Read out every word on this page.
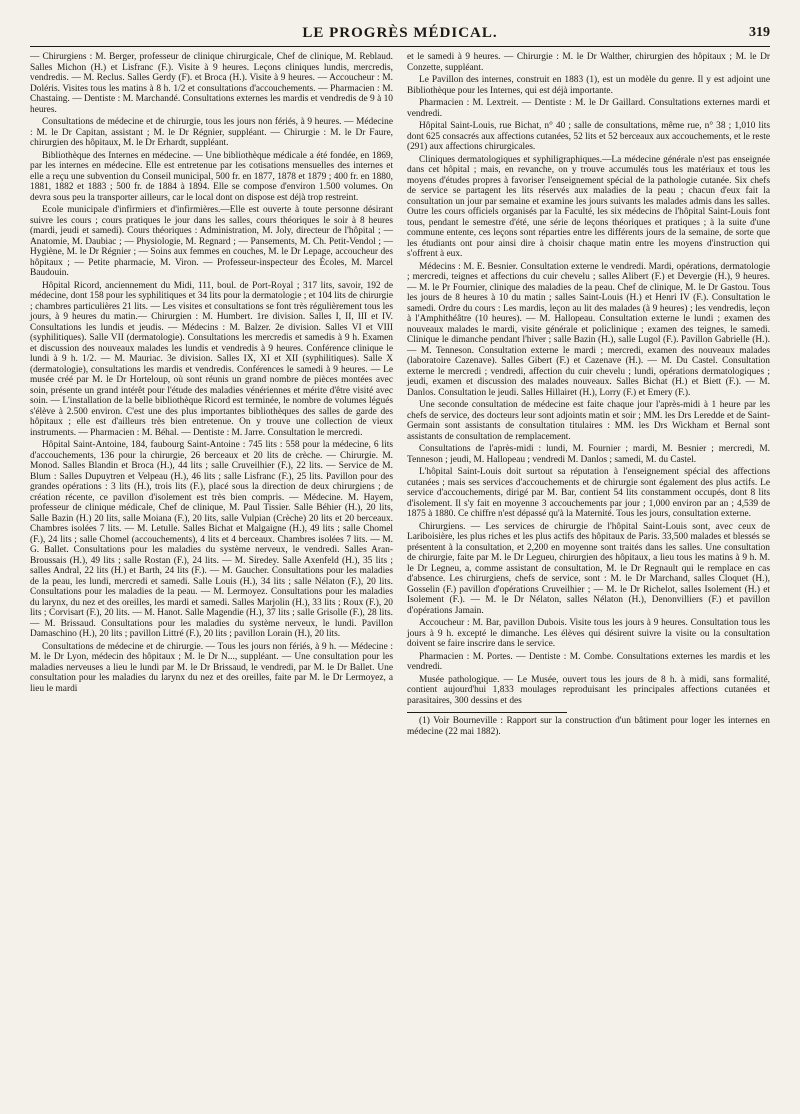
LE PROGRÈS MÉDICAL.	319

— Chirurgiens : M. Berger, professeur de clinique chirurgicale, Chef de clinique, M. Reblaud. Salles Michon (H.) et Lisfranc (F.). Visite à 9 heures. Leçons cliniques lundis, mercredis, vendredis. — M. Reclus. Salles Gerdy (F). et Broca (H.). Visite à 9 heures. — Accoucheur : M. Doléris. Visites tous les matins à 8 h. 1/2 et consultations d'accouchements. — Pharmacien : M. Chastaing. — Dentiste : M. Marchandé. Consultations externes les mardis et vendredis de 9 à 10 heures.

Consultations de médecine et de chirurgie, tous les jours non fériés, à 9 heures. — Médecine : M. le Dr Capitan, assistant ; M. le Dr Régnier, suppléant. — Chirurgie : M. le Dr Faure, chirurgien des hôpitaux, M. le Dr Erhardt, suppléant.

Bibliothèque des Internes en médecine. — Une bibliothèque médicale a été fondée, en 1869, par les internes en médecine. Elle est entretenue par les cotisations mensuelles des internes et elle a reçu une subvention du Conseil municipal, 500 fr. en 1877, 1878 et 1879 ; 400 fr. en 1880, 1881, 1882 et 1883 ; 500 fr. de 1884 à 1894. Elle se compose d'environ 1.500 volumes. On devra sous peu la transporter ailleurs, car le local dont on dispose est déjà trop restreint.

Ecole municipale d'infirmiers et d'infirmières.—Elle est ouverte à toute personne désirant suivre les cours ; cours pratiques le jour dans les salles, cours théoriques le soir à 8 heures (mardi, jeudi et samedi). Cours théoriques : Administration, M. Joly, directeur de l'hôpital ; — Anatomie, M. Daubiac ; — Physiologie, M. Regnard ; — Pansements, M. Ch. Petit-Vendol ; — Hygiène, M. le Dr Régnier ; — Soins aux femmes en couches, M. le Dr Lepage, accoucheur des hôpitaux ; — Petite pharmacie, M. Viron. — Professeur-inspecteur des Écoles, M. Marcel Baudouin.

Hôpital Ricord, anciennement du Midi, 111, boul. de Port-Royal ; 317 lits, savoir, 192 de médecine, dont 158 pour les syphilitiques et 34 lits pour la dermatologie ; et 104 lits de chirurgie ; chambres particulières 21 lits. — Les visites et consultations se font très régulièrement tous les jours, à 9 heures du matin.— Chirurgien : M. Humbert. 1re division. Salles I, II, III et IV. Consultations les lundis et jeudis. — Médecins : M. Balzer. 2e division. Salles VI et VIII (syphilitiques). Salle VII (dermatologie). Consultations les mercredis et samedis à 9 h. Examen et discussion des nouveaux malades les lundis et vendredis à 9 heures. Conférence clinique le lundi à 9 h. 1/2. — M. Mauriac. 3e division. Salles IX, XI et XII (syphilitiques). Salle X (dermatologie), consultations les mardis et vendredis. Conférences le samedi à 9 heures. — Le musée créé par M. le Dr Horteloup, où sont réunis un grand nombre de pièces montées avec soin, présente un grand intérêt pour l'étude des maladies vénériennes et mérite d'être visité avec soin. — L'installation de la belle bibliothèque Ricord est terminée, le nombre de volumes légués s'élève à 2.500 environ. C'est une des plus importantes bibliothèques des salles de garde des hôpitaux ; elle est d'ailleurs très bien entretenue. On y trouve une collection de vieux instruments. — Pharmacien : M. Béhal. — Dentiste : M. Jarre. Consultation le mercredi.

Hôpital Saint-Antoine, 184, faubourg Saint-Antoine : 745 lits : 558 pour la médecine, 6 lits d'accouchements, 136 pour la chirurgie, 26 berceaux et 20 lits de crèche. — Chirurgie. M. Monod. Salles Blandin et Broca (H.), 44 lits ; salle Cruveilhier (F.), 22 lits. — Service de M. Blum : Salles Dupuytren et Velpeau (H.), 46 lits ; salle Lisfranc (F.), 25 lits. Pavillon pour des grandes opérations : 3 lits (H.), trois lits (F.), placé sous la direction de deux chirurgiens ; de création récente, ce pavillon d'isolement est très bien compris. — Médecine. M. Hayem, professeur de clinique médicale, Chef de clinique, M. Paul Tissier. Salle Béhier (H.), 20 lits, Salle Bazin (H.) 20 lits, salle Moiana (F.), 20 lits, salle Vulpian (Crèche) 20 lits et 20 berceaux. Chambres isolées 7 lits. — M. Letulle. Salles Bichat et Malgaigne (H.), 49 lits ; salle Chomel (F.), 24 lits ; salle Chomel (accouchements), 4 lits et 4 berceaux. Chambres isolées 7 lits. — M. G. Ballet. Consultations pour les maladies du système nerveux, le vendredi. Salles Aran-Broussais (H.), 49 lits ; salle Rostan (F.), 24 lits. — M. Siredey. Salle Axenfeld (H.), 35 lits ; salles Andral, 22 lits (H.) et Barth, 24 lits (F.). — M. Gaucher. Consultations pour les maladies de la peau, les lundi, mercredi et samedi. Salle Louis (H.), 34 lits ; salle Nélaton (F.), 20 lits. Consultations pour les maladies de la peau. — M. Lermoyez. Consultations pour les maladies du larynx, du nez et des oreilles, les mardi et samedi. Salles Marjolin (H.), 33 lits ; Roux (F.), 20 lits ; Corvisart (F.), 20 lits. — M. Hanot. Salle Magendie (H.), 37 lits ; salle Grisolle (F.), 28 lits. — M. Brissaud. Consultations pour les maladies du système nerveux, le lundi. Pavillon Damaschino (H.), 20 lits ; pavillon Littré (F.), 20 lits ; pavillon Lorain (H.), 20 lits.

Consultations de médecine et de chirurgie. — Tous les jours non fériés, à 9 h. — Médecine : M. le Dr Lyon, médecin des hôpitaux ; M. le Dr N..., suppléant. — Une consultation pour les maladies nerveuses a lieu le lundi par M. le Dr Brissaud, le vendredi, par M. le Dr Ballet. Une consultation pour les maladies du larynx du nez et des oreilles, faite par M. le Dr Lermoyez, a lieu le mardi

et le samedi à 9 heures. — Chirurgie : M. le Dr Walther, chirurgien des hôpitaux ; M. le Dr Conzette, suppléant.

Le Pavillon des internes, construit en 1883 (1), est un modèle du genre. Il y est adjoint une Bibliothèque pour les Internes, qui est déjà importante.

Pharmacien : M. Lextreit. — Dentiste : M. le Dr Gaillard. Consultations externes mardi et vendredi.

Hôpital Saint-Louis, rue Bichat, n° 40 ; salle de consultations, même rue, n° 38 ; 1,010 lits dont 625 consacrés aux affections cutanées, 52 lits et 52 berceaux aux accouchements, et le reste (291) aux affections chirurgicales.

Cliniques dermatologiques et syphiligraphiques.—La médecine générale n'est pas enseignée dans cet hôpital ; mais, en revanche, on y trouve accumulés tous les matériaux et tous les moyens d'études propres à favoriser l'enseignement spécial de la pathologie cutanée. Six chefs de service se partagent les lits réservés aux maladies de la peau ; chacun d'eux fait la consultation un jour par semaine et examine les jours suivants les malades admis dans les salles. Outre les cours officiels organisés par la Faculté, les six médecins de l'hôpital Saint-Louis font tous, pendant le semestre d'été, une série de leçons théoriques et pratiques ; à la suite d'une commune entente, ces leçons sont réparties entre les différents jours de la semaine, de sorte que les étudiants ont pour ainsi dire à choisir chaque matin entre les moyens d'instruction qui s'offrent à eux.

Médecins : M. E. Besnier. Consultation externe le vendredi. Mardi, opérations, dermatologie ; mercredi, teignes et affections du cuir chevelu ; salles Alibert (F.) et Devergie (H.), 9 heures. — M. le Pr Fournier, clinique des maladies de la peau. Chef de clinique, M. le Dr Gastou. Tous les jours de 8 heures à 10 du matin ; salles Saint-Louis (H.) et Henri IV (F.). Consultation le samedi. Ordre du cours : Les mardis, leçon au lit des malades (à 9 heures) ; les vendredis, leçon à l'Amphithéâtre (10 heures). — M. Hallopeau. Consultation externe le lundi ; examen des nouveaux malades le mardi, visite générale et policlinique ; examen des teignes, le samedi. Clinique le dimanche pendant l'hiver ; salle Bazin (H.), salle Lugol (F.). Pavillon Gabrielle (H.). — M. Tenneson. Consultation externe le mardi ; mercredi, examen des nouveaux malades (laboratoire Cazenave). Salles Gibert (F.) et Cazenave (H.). — M. Du Castel. Consultation externe le mercredi ; vendredi, affection du cuir chevelu ; lundi, opérations dermatologiques ; jeudi, examen et discussion des malades nouveaux. Salles Bichat (H.) et Biett (F.). — M. Danlos. Consultation le jeudi. Salles Hillairet (H.), Lorry (F.) et Emery (F.).

Une seconde consultation de médecine est faite chaque jour l'après-midi à 1 heure par les chefs de service, des docteurs leur sont adjoints matin et soir ; MM. les Drs Leredde et de Saint-Germain sont assistants de consultation titulaires : MM. les Drs Wickham et Bernal sont assistants de consultation de remplacement.

Consultations de l'après-midi : lundi, M. Fournier ; mardi, M. Besnier ; mercredi, M. Tenneson ; jeudi, M. Hallopeau ; vendredi M. Danlos ; samedi, M. du Castel.

L'hôpital Saint-Louis doit surtout sa réputation à l'enseignement spécial des affections cutanées ; mais ses services d'accouchements et de chirurgie sont également des plus actifs. Le service d'accouchements, dirigé par M. Bar, contient 54 lits constamment occupés, dont 8 lits d'isolement. Il s'y fait en moyenne 3 accouchements par jour ; 1,000 environ par an ; 4,539 de 1875 à 1880. Ce chiffre n'est dépassé qu'à la Maternité. Tous les jours, consultation externe.

Chirurgiens. — Les services de chirurgie de l'hôpital Saint-Louis sont, avec ceux de Lariboisière, les plus riches et les plus actifs des hôpitaux de Paris. 33,500 malades et blessés se présentent à la consultation, et 2,200 en moyenne sont traités dans les salles. Une consultation de chirurgie, faite par M. le Dr Legueu, chirurgien des hôpitaux, a lieu tous les matins à 9 h. M. le Dr Legneu, a, comme assistant de consultation, M. le Dr Regnault qui le remplace en cas d'absence. Les chirurgiens, chefs de service, sont : M. le Dr Marchand, salles Cloquet (H.), Gosselin (F.) pavillon d'opérations Cruveilhier ; — M. le Dr Richelot, salles Isolement (H.) et Isolement (F.). — M. le Dr Nélaton, salles Nélaton (H.), Denonvilliers (F.) et pavillon d'opérations Jamain.

Accoucheur : M. Bar, pavillon Dubois. Visite tous les jours à 9 heures. Consultation tous les jours à 9 h. excepté le dimanche. Les élèves qui désirent suivre la visite ou la consultation doivent se faire inscrire dans le service.

Pharmacien : M. Portes. — Dentiste : M. Combe. Consultations externes les mardis et les vendredi.

Musée pathologique. — Le Musée, ouvert tous les jours de 8 h. à midi, sans formalité, contient aujourd'hui 1,833 moulages reproduisant les principales affections cutanées et parasitaires, 300 dessins et des

(1) Voir Bourneville : Rapport sur la construction d'un bâtiment pour loger les internes en médecine (22 mai 1882).
